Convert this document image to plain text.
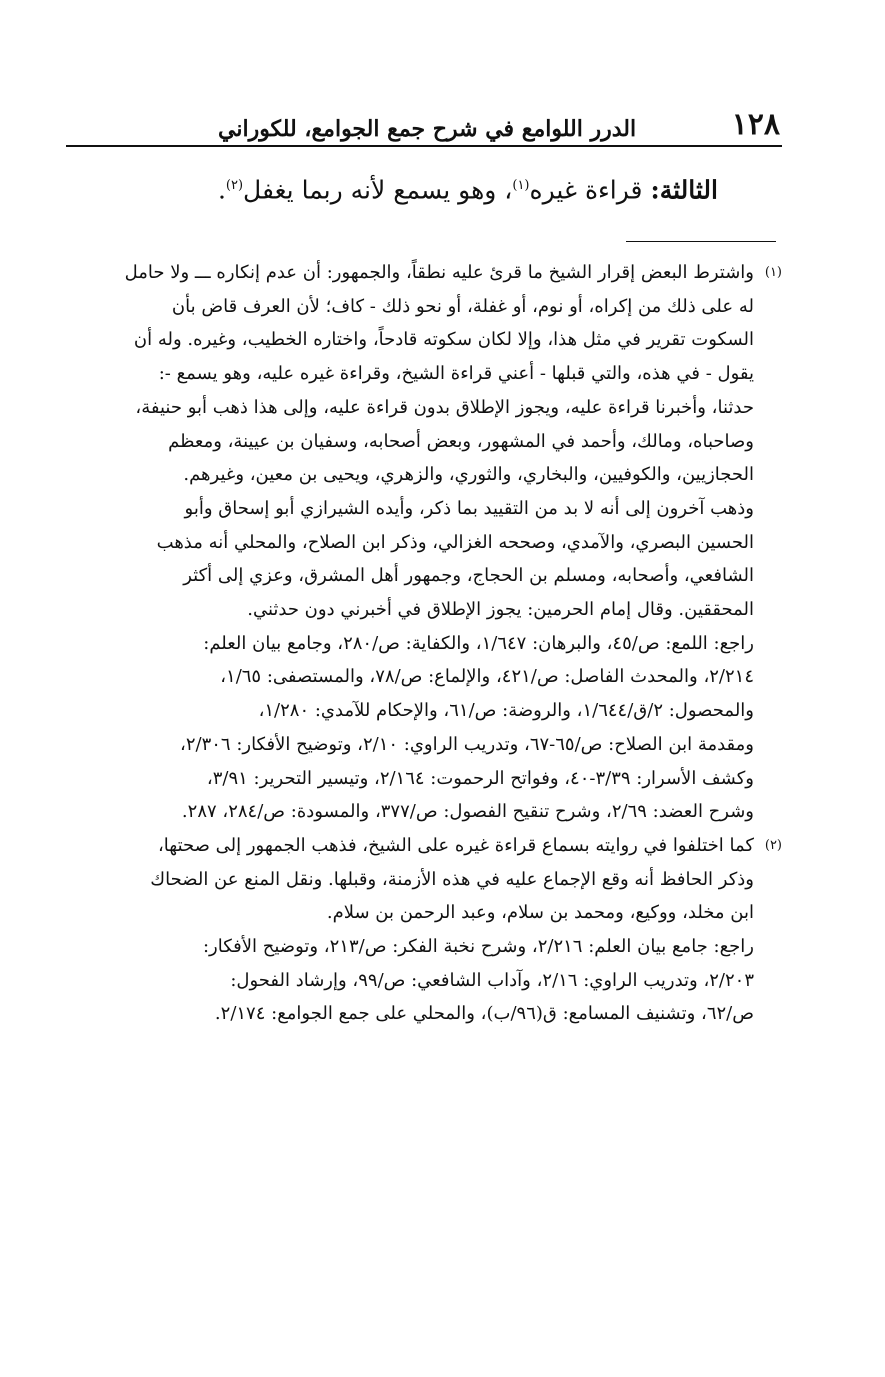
١٢٨
الدرر اللوامع في شرح جمع الجوامع، للكوراني
الثالثة: قراءة غيره$^{(١)}$، وهو يسمع لأنه ربما يغفل$^{(٢)}$.
(١)

واشترط البعض إقرار الشيخ ما قرئ عليه نطقاً، والجمهور: أن عدم إنكاره ـــ ولا حامل

له على ذلك من إكراه، أو نوم، أو غفلة، أو نحو ذلك - كاف؛ لأن العرف قاض بأن

السكوت تقرير في مثل هذا، وإلا لكان سكوته قادحاً، واختاره الخطيب، وغيره. وله أن

يقول - في هذه، والتي قبلها - أعني قراءة الشيخ، وقراءة غيره عليه، وهو يسمع -:

حدثنا، وأخبرنا قراءة عليه، ويجوز الإطلاق بدون قراءة عليه، وإلى هذا ذهب أبو حنيفة،

وصاحباه، ومالك، وأحمد في المشهور، وبعض أصحابه، وسفيان بن عيينة، ومعظم

الحجازيين، والكوفيين، والبخاري، والثوري، والزهري، ويحيى بن معين، وغيرهم.

وذهب آخرون إلى أنه لا بد من التقييد بما ذكر، وأيده الشيرازي أبو إسحاق وأبو

الحسين البصري، والآمدي، وصححه الغزالي، وذكر ابن الصلاح، والمحلي أنه مذهب

الشافعي، وأصحابه، ومسلم بن الحجاج، وجمهور أهل المشرق، وعزي إلى أكثر

المحققين. وقال إمام الحرمين: يجوز الإطلاق في أخبرني دون حدثني.

راجع: اللمع: ص/٤٥، والبرهان: ١/٦٤٧، والكفاية: ص/٢٨٠، وجامع بيان العلم:

٢/٢١٤، والمحدث الفاصل: ص/٤٢١، والإلماع: ص/٧٨، والمستصفى: ١/٦٥،

والمحصول: ٢/ق/١/٦٤٤، والروضة: ص/٦١، والإحكام للآمدي: ١/٢٨٠،

ومقدمة ابن الصلاح: ص/٦٥-٦٧، وتدريب الراوي: ٢/١٠، وتوضيح الأفكار: ٢/٣٠٦،

وكشف الأسرار: ٣/٣٩-٤٠، وفواتح الرحموت: ٢/١٦٤، وتيسير التحرير: ٣/٩١،

وشرح العضد: ٢/٦٩، وشرح تنقيح الفصول: ص/٣٧٧، والمسودة: ص/٢٨٤، ٢٨٧.

(٢)

كما اختلفوا في روايته بسماع قراءة غيره على الشيخ، فذهب الجمهور إلى صحتها،

وذكر الحافظ أنه وقع الإجماع عليه في هذه الأزمنة، وقبلها. ونقل المنع عن الضحاك

ابن مخلد، ووكيع، ومحمد بن سلام، وعبد الرحمن بن سلام.

راجع: جامع بيان العلم: ٢/٢١٦، وشرح نخبة الفكر: ص/٢١٣، وتوضيح الأفكار:

٢/٢٠٣، وتدريب الراوي: ٢/١٦، وآداب الشافعي: ص/٩٩، وإرشاد الفحول:

ص/٦٢، وتشنيف المسامع: ق(٩٦/ب)، والمحلي على جمع الجوامع: ٢/١٧٤.
